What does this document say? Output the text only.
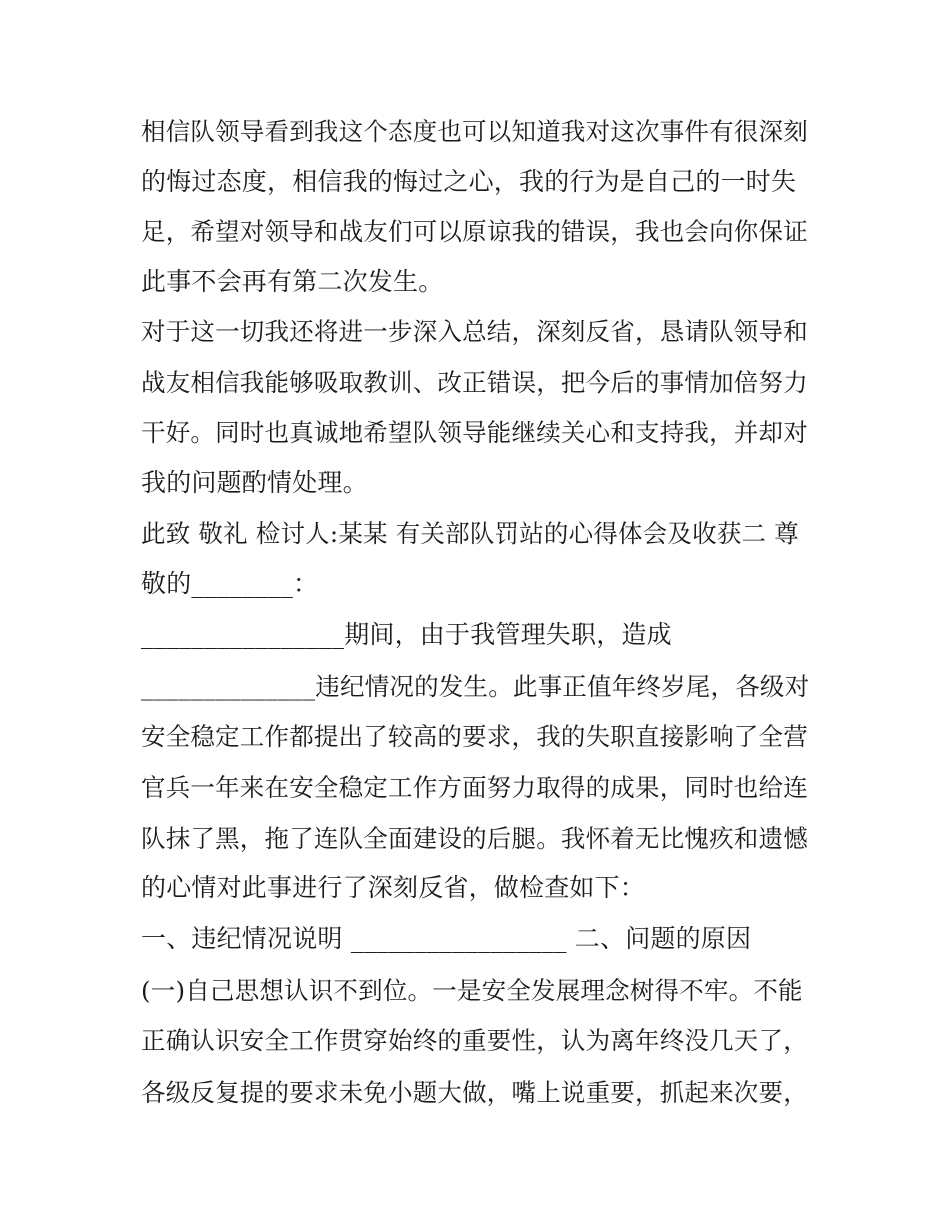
相信队领导看到我这个态度也可以知道我对这次事件有很深刻
的悔过态度，相信我的悔过之心，我的行为是自己的一时失
足，希望对领导和战友们可以原谅我的错误，我也会向你保证
此事不会再有第二次发生。
对于这一切我还将进一步深入总结，深刻反省，恳请队领导和
战友相信我能够吸取教训、改正错误，把今后的事情加倍努力
干好。同时也真诚地希望队领导能继续关心和支持我，并却对
我的问题酌情处理。
此致 敬礼 检讨人:某某 有关部队罚站的心得体会及收获二 尊
敬的________：
________________期间，由于我管理失职，造成
______________违纪情况的发生。此事正值年终岁尾，各级对
安全稳定工作都提出了较高的要求，我的失职直接影响了全营
官兵一年来在安全稳定工作方面努力取得的成果，同时也给连
队抹了黑，拖了连队全面建设的后腿。我怀着无比愧疚和遗憾
的心情对此事进行了深刻反省，做检查如下：
一、违纪情况说明 _________________ 二、问题的原因
(一)自己思想认识不到位。一是安全发展理念树得不牢。不能
正确认识安全工作贯穿始终的重要性，认为离年终没几天了，
各级反复提的要求未免小题大做，嘴上说重要，抓起来次要，
